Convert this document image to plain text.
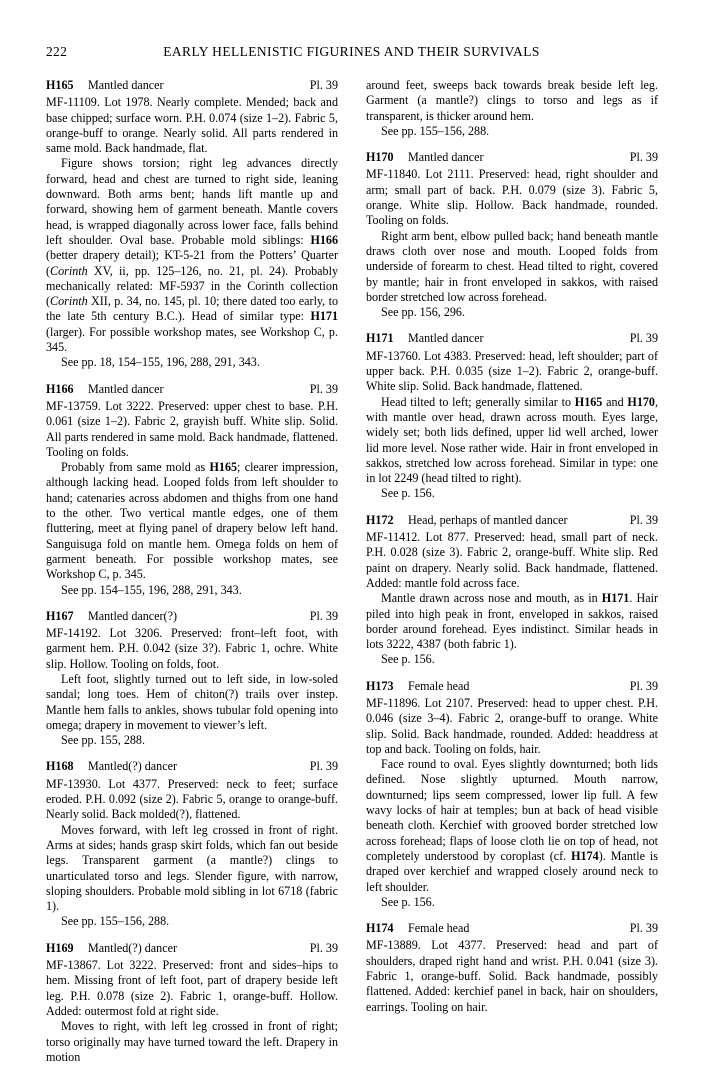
222	EARLY HELLENISTIC FIGURINES AND THEIR SURVIVALS
H165	Mantled dancer	Pl. 39

MF-11109. Lot 1978. Nearly complete. Mended; back and base chipped; surface worn. P.H. 0.074 (size 1–2). Fabric 5, orange-buff to orange. Nearly solid. All parts rendered in same mold. Back handmade, flat.

Figure shows torsion; right leg advances directly forward, head and chest are turned to right side, leaning downward. Both arms bent; hands lift mantle up and forward, showing hem of garment beneath. Mantle covers head, is wrapped diagonally across lower face, falls behind left shoulder. Oval base. Probable mold siblings: H166 (better drapery detail); KT-5-21 from the Potters’ Quarter (Corinth XV, ii, pp. 125–126, no. 21, pl. 24). Probably mechanically related: MF-5937 in the Corinth collection (Corinth XII, p. 34, no. 145, pl. 10; there dated too early, to the late 5th century B.C.). Head of similar type: H171 (larger). For possible workshop mates, see Workshop C, p. 345.

See pp. 18, 154–155, 196, 288, 291, 343.

H166	Mantled dancer	Pl. 39

MF-13759. Lot 3222. Preserved: upper chest to base. P.H. 0.061 (size 1–2). Fabric 2, grayish buff. White slip. Solid. All parts rendered in same mold. Back handmade, flattened. Tooling on folds.

Probably from same mold as H165; clearer impression, although lacking head. Looped folds from left shoulder to hand; catenaries across abdomen and thighs from one hand to the other. Two vertical mantle edges, one of them fluttering, meet at flying panel of drapery below left hand. Sanguisuga fold on mantle hem. Omega folds on hem of garment beneath. For possible workshop mates, see Workshop C, p. 345.

See pp. 154–155, 196, 288, 291, 343.

H167	Mantled dancer(?)	Pl. 39

MF-14192. Lot 3206. Preserved: front–left foot, with garment hem. P.H. 0.042 (size 3?). Fabric 1, ochre. White slip. Hollow. Tooling on folds, foot.

Left foot, slightly turned out to left side, in low-soled sandal; long toes. Hem of chiton(?) trails over instep. Mantle hem falls to ankles, shows tubular fold opening into omega; drapery in movement to viewer’s left.

See pp. 155, 288.

H168	Mantled(?) dancer	Pl. 39

MF-13930. Lot 4377. Preserved: neck to feet; surface eroded. P.H. 0.092 (size 2). Fabric 5, orange to orange-buff. Nearly solid. Back molded(?), flattened.

Moves forward, with left leg crossed in front of right. Arms at sides; hands grasp skirt folds, which fan out beside legs. Transparent garment (a mantle?) clings to unarticulated torso and legs. Slender figure, with narrow, sloping shoulders. Probable mold sibling in lot 6718 (fabric 1).

See pp. 155–156, 288.

H169	Mantled(?) dancer	Pl. 39

MF-13867. Lot 3222. Preserved: front and sides–hips to hem. Missing front of left foot, part of drapery beside left leg. P.H. 0.078 (size 2). Fabric 1, orange-buff. Hollow. Added: outermost fold at right side.

Moves to right, with left leg crossed in front of right; torso originally may have turned toward the left. Drapery in motion

around feet, sweeps back towards break beside left leg. Garment (a mantle?) clings to torso and legs as if transparent, is thicker around hem.

See pp. 155–156, 288.

H170	Mantled dancer	Pl. 39

MF-11840. Lot 2111. Preserved: head, right shoulder and arm; small part of back. P.H. 0.079 (size 3). Fabric 5, orange. White slip. Hollow. Back handmade, rounded. Tooling on folds.

Right arm bent, elbow pulled back; hand beneath mantle draws cloth over nose and mouth. Looped folds from underside of forearm to chest. Head tilted to right, covered by mantle; hair in front enveloped in sakkos, with raised border stretched low across forehead.

See pp. 156, 296.

H171	Mantled dancer	Pl. 39

MF-13760. Lot 4383. Preserved: head, left shoulder; part of upper back. P.H. 0.035 (size 1–2). Fabric 2, orange-buff. White slip. Solid. Back handmade, flattened.

Head tilted to left; generally similar to H165 and H170, with mantle over head, drawn across mouth. Eyes large, widely set; both lids defined, upper lid well arched, lower lid more level. Nose rather wide. Hair in front enveloped in sakkos, stretched low across forehead. Similar in type: one in lot 2249 (head tilted to right).

See p. 156.

H172	Head, perhaps of mantled dancer	Pl. 39

MF-11412. Lot 877. Preserved: head, small part of neck. P.H. 0.028 (size 3). Fabric 2, orange-buff. White slip. Red paint on drapery. Nearly solid. Back handmade, flattened. Added: mantle fold across face.

Mantle drawn across nose and mouth, as in H171. Hair piled into high peak in front, enveloped in sakkos, raised border around forehead. Eyes indistinct. Similar heads in lots 3222, 4387 (both fabric 1).

See p. 156.

H173	Female head	Pl. 39

MF-11896. Lot 2107. Preserved: head to upper chest. P.H. 0.046 (size 3–4). Fabric 2, orange-buff to orange. White slip. Solid. Back handmade, rounded. Added: headdress at top and back. Tooling on folds, hair.

Face round to oval. Eyes slightly downturned; both lids defined. Nose slightly upturned. Mouth narrow, downturned; lips seem compressed, lower lip full. A few wavy locks of hair at temples; bun at back of head visible beneath cloth. Kerchief with grooved border stretched low across forehead; flaps of loose cloth lie on top of head, not completely understood by coroplast (cf. H174). Mantle is draped over kerchief and wrapped closely around neck to left shoulder.

See p. 156.

H174	Female head	Pl. 39

MF-13889. Lot 4377. Preserved: head and part of shoulders, draped right hand and wrist. P.H. 0.041 (size 3). Fabric 1, orange-buff. Solid. Back handmade, possibly flattened. Added: kerchief panel in back, hair on shoulders, earrings. Tooling on hair.
